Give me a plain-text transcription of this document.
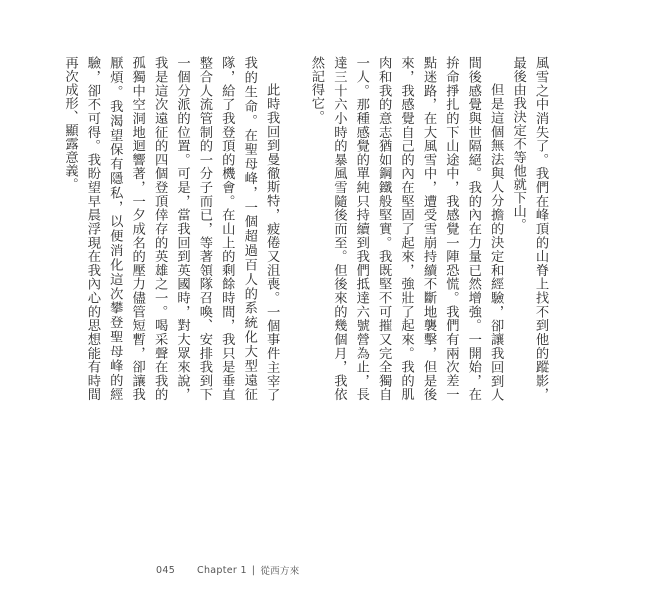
風雪之中消失了。我們在峰頂的山脊上找不到他的蹤影，最後由我決定不等他就下山。

但是這個無法與人分擔的決定和經驗，卻讓我回到人間後感覺與世隔絕。我的內在力量已然增強。一開始，在拚命掙扎的下山途中，我感覺一陣恐慌。我們有兩次差一點迷路，在大風雪中，遭受雪崩持續不斷地襲擊，但是後來，我感覺自己的內在堅固了起來，強壯了起來。我的肌肉和我的意志猶如鋼鐵般堅實。我既堅不可摧又完全獨自一人。那種感覺的單純只持續到我們抵達六號營為止，長達三十六小時的暴風雪隨後而至。但後來的幾個月，我依然記得它。

此時我回到曼徹斯特，疲倦又沮喪。一個事件主宰了我的生命。在聖母峰，一個超過百人的系統化大型遠征隊，給了我登頂的機會。在山上的剩餘時間，我只是垂直整合人流管制的一分子而已，等著領隊召喚、安排我到下一個分派的位置。可是，當我回到英國時，對大眾來說，我是這次遠征的四個登頂倖存的英雄之一。喝采聲在我的孤獨中空洞地迴響著，一夕成名的壓力儘管短暫，卻讓我厭煩。我渴望保有隱私，以便消化這次攀登聖母峰的經驗，卻不可得。我盼望早晨浮現在我內心的思想能有時間再次成形、顯露意義。

045 Chapter 1 | 從西方來
